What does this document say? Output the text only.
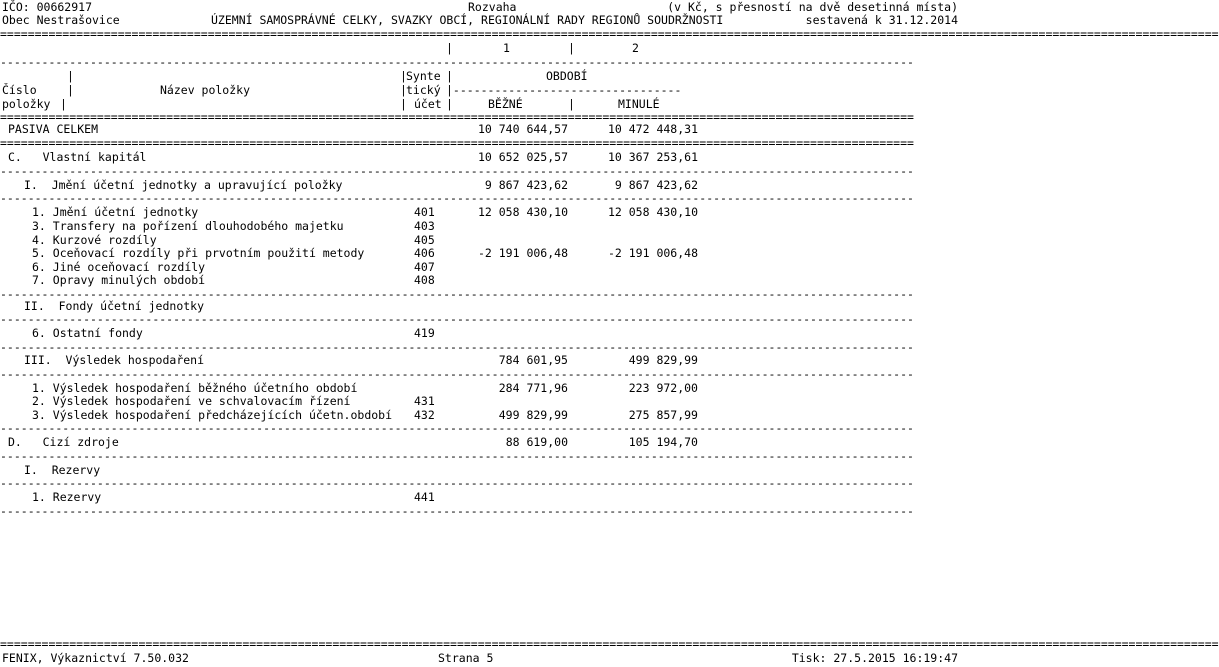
IČO: 00662917	Rozvaha	(v Kč, s přesností na dvě desetinná místa)
Obec Nestrašovice	ÚZEMNÍ SAMOSPRÁVNÉ CELKY, SVAZKY OBCÍ, REGIONÁLNÍ RADY REGIONŮ SOUDRŽNOSTI	sestavená k 31.12.2014
================================================================================================================================================================================
|	1	|	2
------------------------------------------------------------------------------------------------------------------------------------
|	| Synte |	OBDOBÍ
Číslo	|	Název položky	| tický |---------------------------------
položky |	| účet |	BĚŽNÉ	|	MINULÉ
====================================================================================================================================
PASIVA CELKEM	10 740 644,57	10 472 448,31
====================================================================================================================================
C.   Vlastní kapitál	10 652 025,57	10 367 253,61
------------------------------------------------------------------------------------------------------------------------------------
I.  Jmění účetní jednotky a upravující položky	9 867 423,62	9 867 423,62
------------------------------------------------------------------------------------------------------------------------------------
1. Jmění účetní jednotky	401	12 058 430,10	12 058 430,10
3. Transfery na pořízení dlouhodobého majetku	403
4. Kurzové rozdíly	405
5. Oceňovací rozdíly při prvotním použití metody	406	-2 191 006,48	-2 191 006,48
6. Jiné oceňovací rozdíly	407
7. Opravy minulých období	408
------------------------------------------------------------------------------------------------------------------------------------
II.  Fondy účetní jednotky
------------------------------------------------------------------------------------------------------------------------------------
6. Ostatní fondy	419
------------------------------------------------------------------------------------------------------------------------------------
III.  Výsledek hospodaření	784 601,95	499 829,99
------------------------------------------------------------------------------------------------------------------------------------
1. Výsledek hospodaření běžného účetního období	284 771,96	223 972,00
2. Výsledek hospodaření ve schvalovacím řízení	431
3. Výsledek hospodaření předcházejících účetn.období 432	499 829,99	275 857,99
------------------------------------------------------------------------------------------------------------------------------------
D.   Cizí zdroje	88 619,00	105 194,70
------------------------------------------------------------------------------------------------------------------------------------
I.  Rezervy
------------------------------------------------------------------------------------------------------------------------------------
1. Rezervy	441
------------------------------------------------------------------------------------------------------------------------------------
================================================================================================================================================================================
FENIX, Výkaznictví 7.50.032	Strana 5	Tisk: 27.5.2015 16:19:47
